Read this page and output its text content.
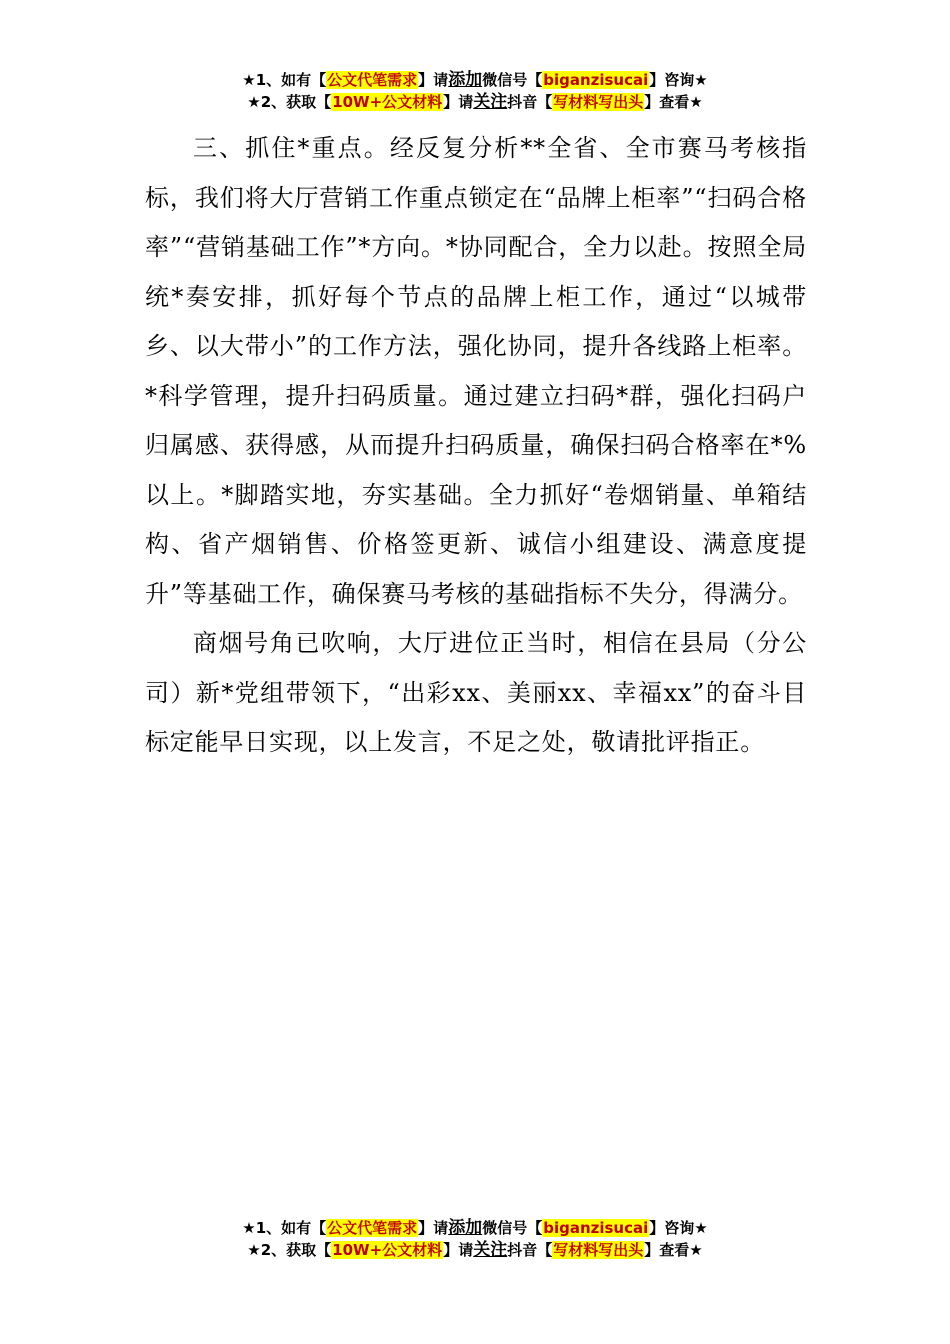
★1、如有【公文代笔需求】请添加微信号【biganzisucai】咨询★
★2、获取【10W+公文材料】请关注抖音【写材料写出头】查看★

三、抓住*重点。经反复分析**全省、全市赛马考核指标，我们将大厅营销工作重点锁定在“品牌上柜率”“扫码合格率”“营销基础工作”*方向。*协同配合，全力以赴。按照全局统*奏安排，抓好每个节点的品牌上柜工作，通过“以城带乡、以大带小”的工作方法，强化协同，提升各线路上柜率。*科学管理，提升扫码质量。通过建立扫码*群，强化扫码户归属感、获得感，从而提升扫码质量，确保扫码合格率在*%以上。*脚踏实地，夯实基础。全力抓好“卷烟销量、单箱结构、省产烟销售、价格签更新、诚信小组建设、满意度提升”等基础工作，确保赛马考核的基础指标不失分，得满分。

商烟号角已吹响，大厅进位正当时，相信在县局（分公司）新*党组带领下，“出彩xx、美丽xx、幸福xx”的奋斗目标定能早日实现，以上发言，不足之处，敬请批评指正。

★1、如有【公文代笔需求】请添加微信号【biganzisucai】咨询★
★2、获取【10W+公文材料】请关注抖音【写材料写出头】查看★
